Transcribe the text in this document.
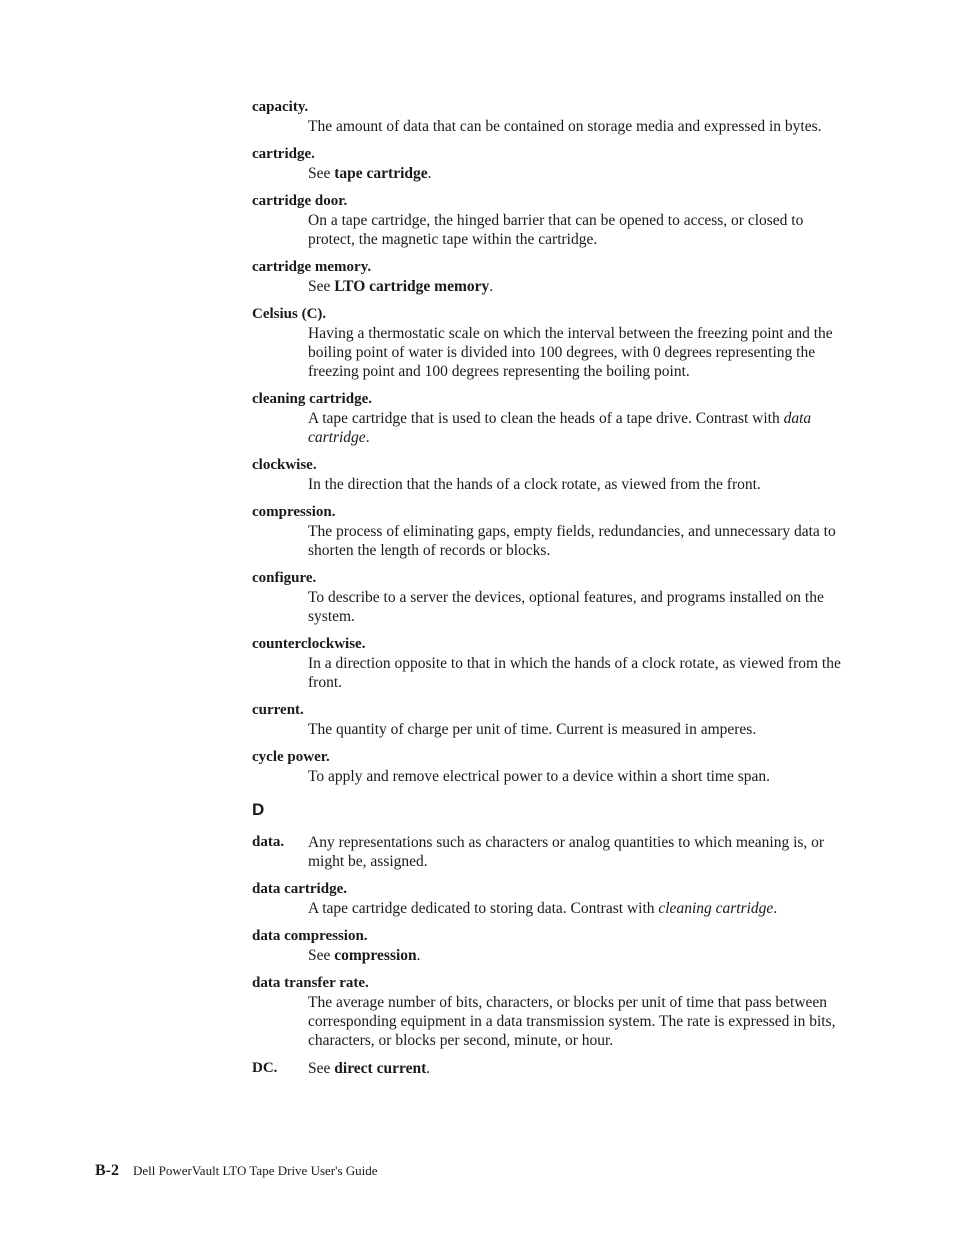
capacity.
The amount of data that can be contained on storage media and expressed in bytes.
cartridge.
See tape cartridge.
cartridge door.
On a tape cartridge, the hinged barrier that can be opened to access, or closed to protect, the magnetic tape within the cartridge.
cartridge memory.
See LTO cartridge memory.
Celsius (C).
Having a thermostatic scale on which the interval between the freezing point and the boiling point of water is divided into 100 degrees, with 0 degrees representing the freezing point and 100 degrees representing the boiling point.
cleaning cartridge.
A tape cartridge that is used to clean the heads of a tape drive. Contrast with data cartridge.
clockwise.
In the direction that the hands of a clock rotate, as viewed from the front.
compression.
The process of eliminating gaps, empty fields, redundancies, and unnecessary data to shorten the length of records or blocks.
configure.
To describe to a server the devices, optional features, and programs installed on the system.
counterclockwise.
In a direction opposite to that in which the hands of a clock rotate, as viewed from the front.
current.
The quantity of charge per unit of time. Current is measured in amperes.
cycle power.
To apply and remove electrical power to a device within a short time span.
D
data.	Any representations such as characters or analog quantities to which meaning is, or might be, assigned.
data cartridge.
A tape cartridge dedicated to storing data. Contrast with cleaning cartridge.
data compression.
See compression.
data transfer rate.
The average number of bits, characters, or blocks per unit of time that pass between corresponding equipment in a data transmission system. The rate is expressed in bits, characters, or blocks per second, minute, or hour.
DC.	See direct current.
B-2 Dell PowerVault LTO Tape Drive User's Guide
